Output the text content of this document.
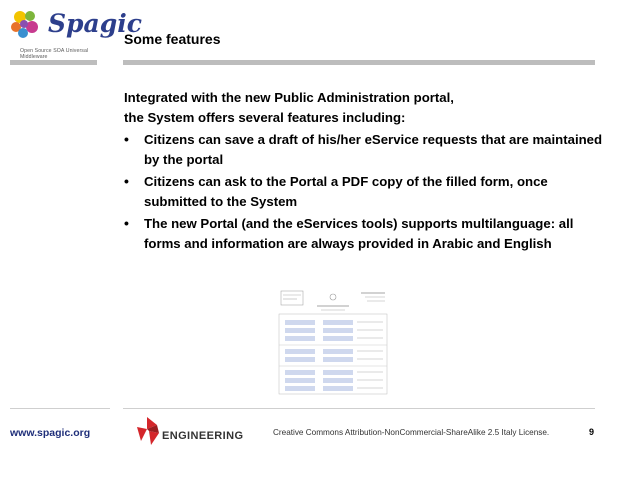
Spagic
Open Source SOA Universal Middleware
Some features

Integrated with the new Public Administration portal,

the System offers several features including:

• Citizens can save a draft of his/her eService requests that are maintained by the portal
• Citizens can ask to the Portal a PDF copy of the filled form, once submitted to the System
• The new Portal (and the eServices tools) supports multilanguage: all forms and information are always provided in Arabic and English
www.spagic.org	ENGINEERING	Creative Commons Attribution-NonCommercial-ShareAlike 2.5 Italy License.	9
